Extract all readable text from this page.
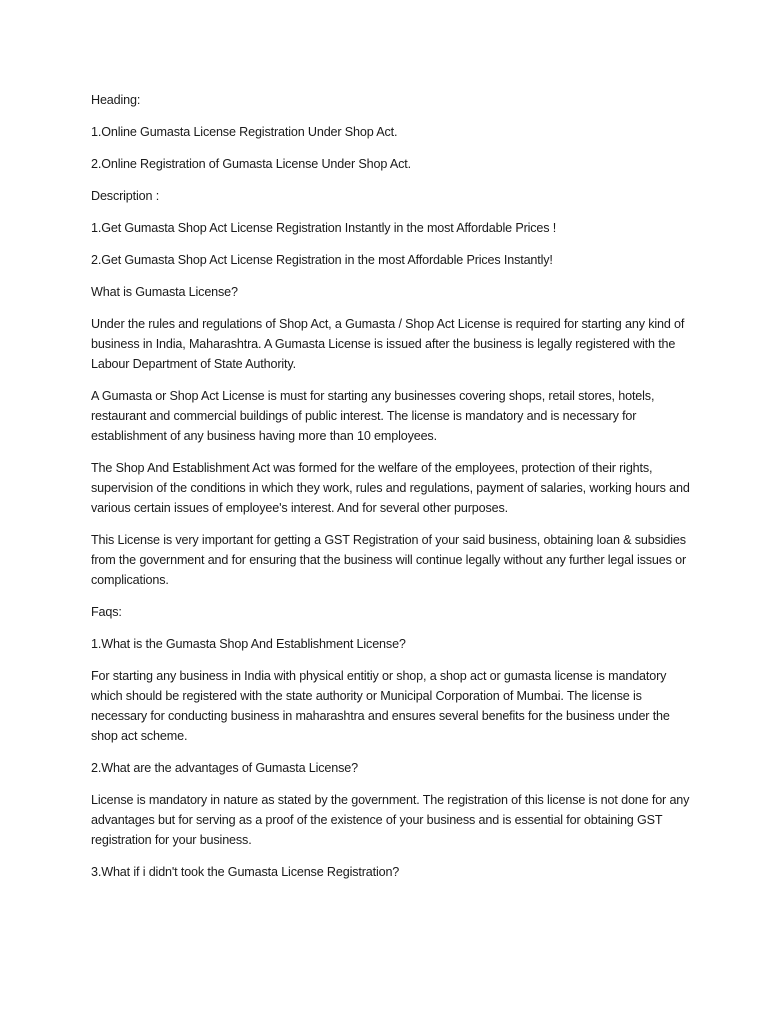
Heading:

1.Online Gumasta License Registration Under Shop Act.

2.Online Registration of Gumasta License Under Shop Act.

Description :

1.Get Gumasta Shop Act License Registration Instantly in the most Affordable Prices !

2.Get Gumasta Shop Act License Registration in the most Affordable Prices Instantly!

What is Gumasta License?

Under the rules and regulations of Shop Act, a Gumasta / Shop Act License is required for starting any kind of business in India, Maharashtra. A Gumasta License is issued after the business is legally registered with the Labour Department of State Authority.

A Gumasta or Shop Act License is must for starting any businesses covering shops, retail stores, hotels, restaurant and commercial buildings of public interest. The license is mandatory and is necessary for establishment of any business having more than 10 employees.

The Shop And Establishment Act was formed for the welfare of the employees, protection of their rights, supervision of the conditions in which they work, rules and regulations, payment of salaries, working hours and various certain issues of employee's interest. And for several other purposes.

This License is very important for getting a GST Registration of your said business, obtaining loan & subsidies from the government and for ensuring that the business will continue legally without any further legal issues or complications.

Faqs:

1.What is the Gumasta Shop And Establishment License?

For starting any business in India with physical entitiy or shop, a shop act or gumasta license is mandatory which should be registered with the state authority or Municipal Corporation of Mumbai. The license is necessary for conducting business in maharashtra and ensures several benefits for the business under the shop act scheme.

2.What are the advantages of Gumasta License?

License is mandatory in nature as stated by the government. The registration of this license is not done for any advantages but for serving as a proof of the existence of your business and is essential for obtaining GST registration for your business.

3.What if i didn't took the Gumasta License Registration?
